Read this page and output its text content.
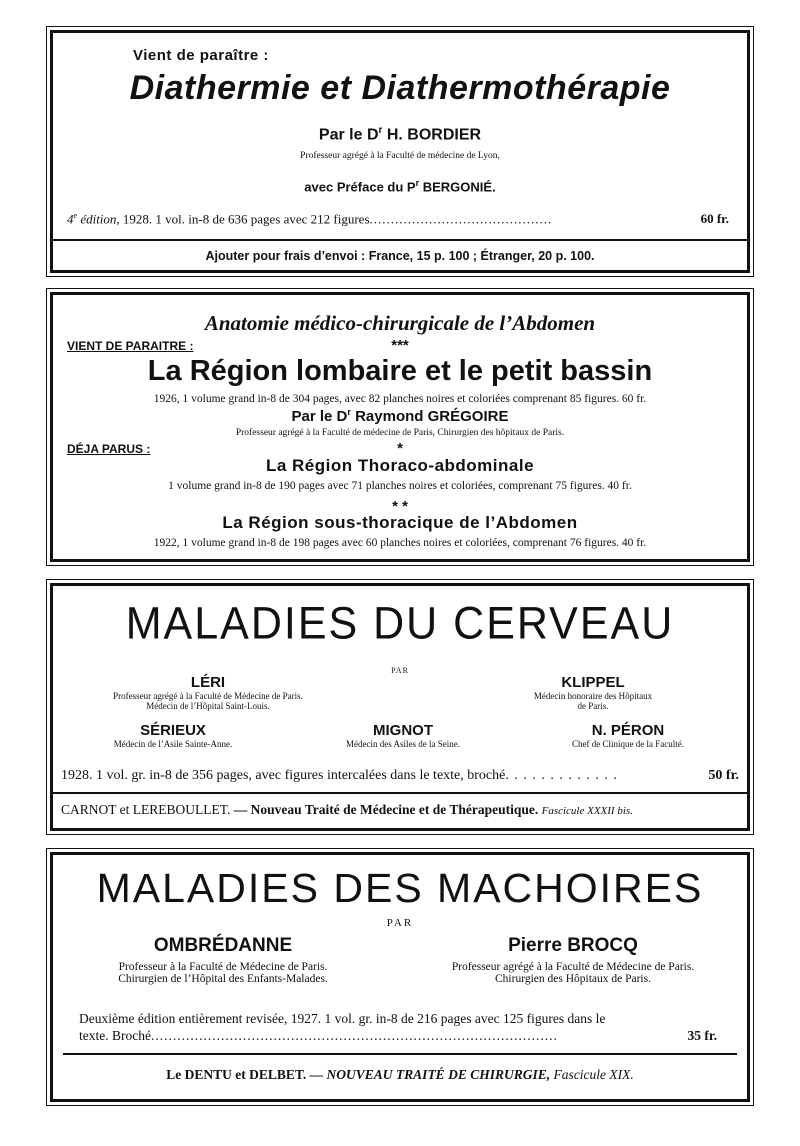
Vient de paraître :
Diathermie et Diathermothérapie
Par le $D^r$ H. BORDIER
Professeur agrégé à la Faculté de médecine de Lyon,
avec Préface du $P^r$ BERGONIÉ.
4e édition, 1928. 1 vol. in-8 de 636 pages avec 212 figures...........................................	60 fr.
Ajouter pour frais d’envoi : France, 15 p. 100 ; Étranger, 20 p. 100.
Anatomie médico-chirurgicale de l’Abdomen
VIENT DE PARAITRE :	***
La Région lombaire et le petit bassin
1926, 1 volume grand in-8 de 304 pages, avec 82 planches noires et coloriées comprenant 85 figures. 60 fr.
Par le $D^r$ Raymond GRÉGOIRE
Professeur agrégé à la Faculté de médecine de Paris, Chirurgien des hôpitaux de Paris.
DÉJA PARUS :	*
La Région Thoraco-abdominale
1 volume grand in-8 de 190 pages avec 71 planches noires et coloriées, comprenant 75 figures. 40 fr.
* *
La Région sous-thoracique de l’Abdomen
1922, 1 volume grand in-8 de 198 pages avec 60 planches noires et coloriées, comprenant 76 figures. 40 fr.
MALADIES DU CERVEAU
PAR
LÉRI
Professeur agrégé à la Faculté de Médecine de Paris.
Médecin de l’Hôpital Saint-Louis.
KLIPPEL
Médecin honoraire des Hôpitaux
de Paris.
SÉRIEUX
Médecin de l’Asile Sainte-Anne.
MIGNOT
Médecin des Asiles de la Seine.
N. PÉRON
Chef de Clinique de la Faculté.
1928. 1 vol. gr. in-8 de 356 pages, avec figures intercalées dans le texte, broché. . . . . . . . . . . . .	50 fr.
CARNOT et LEREBOULLET. — Nouveau Traité de Médecine et de Thérapeutique. Fascicule XXXII bis.
MALADIES DES MACHOIRES
PAR
OMBRÉDANNE
Professeur à la Faculté de Médecine de Paris.
Chirurgien de l’Hôpital des Enfants-Malades.
Pierre BROCQ
Professeur agrégé à la Faculté de Médecine de Paris.
Chirurgien des Hôpitaux de Paris.
Deuxième édition entièrement revisée, 1927. 1 vol. gr. in-8 de 216 pages avec 125 figures dans le
texte. Broché.............................................................................................	35 fr.
Le DENTU et DELBET. — NOUVEAU TRAITÉ DE CHIRURGIE, Fascicule XIX.
